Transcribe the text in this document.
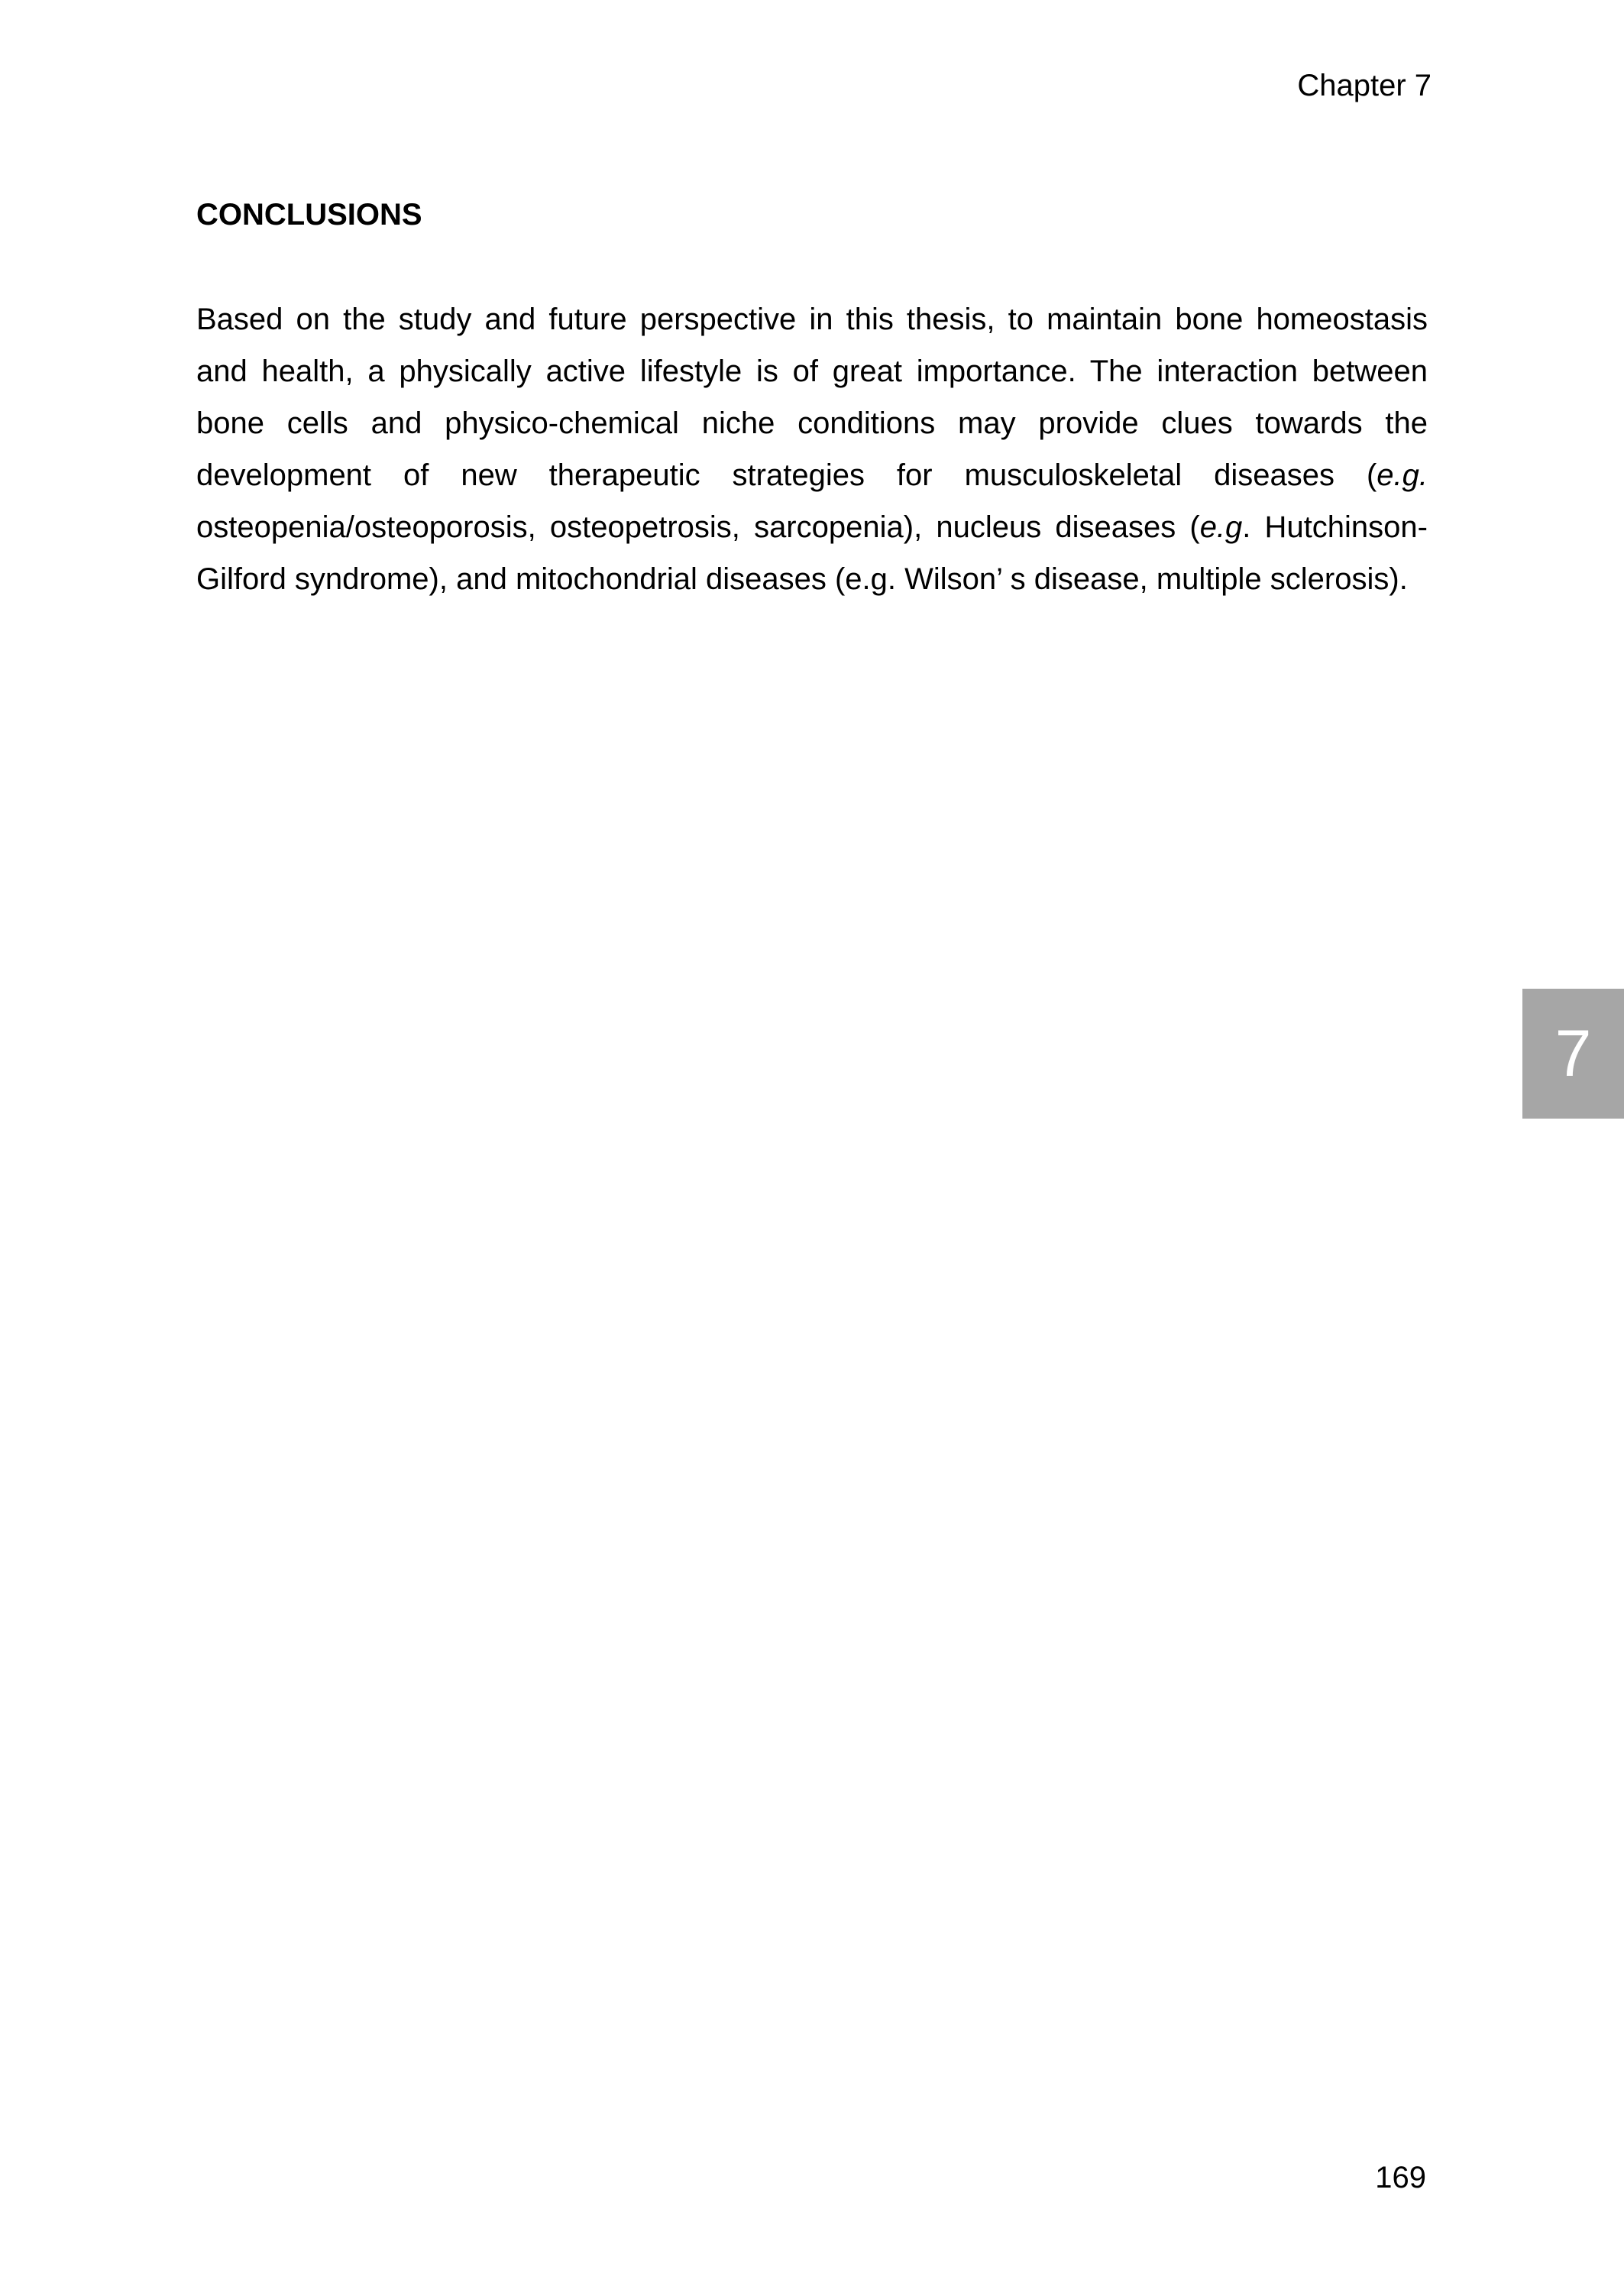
Chapter 7
CONCLUSIONS

Based on the study and future perspective in this thesis, to maintain bone homeostasis and health, a physically active lifestyle is of great importance. The interaction between bone cells and physico-chemical niche conditions may provide clues towards the development of new therapeutic strategies for musculoskeletal diseases (e.g. osteopenia/osteoporosis, osteopetrosis, sarcopenia), nucleus diseases (e.g. Hutchinson-Gilford syndrome), and mitochondrial diseases (e.g. Wilson’ s disease, multiple sclerosis).

7
169
